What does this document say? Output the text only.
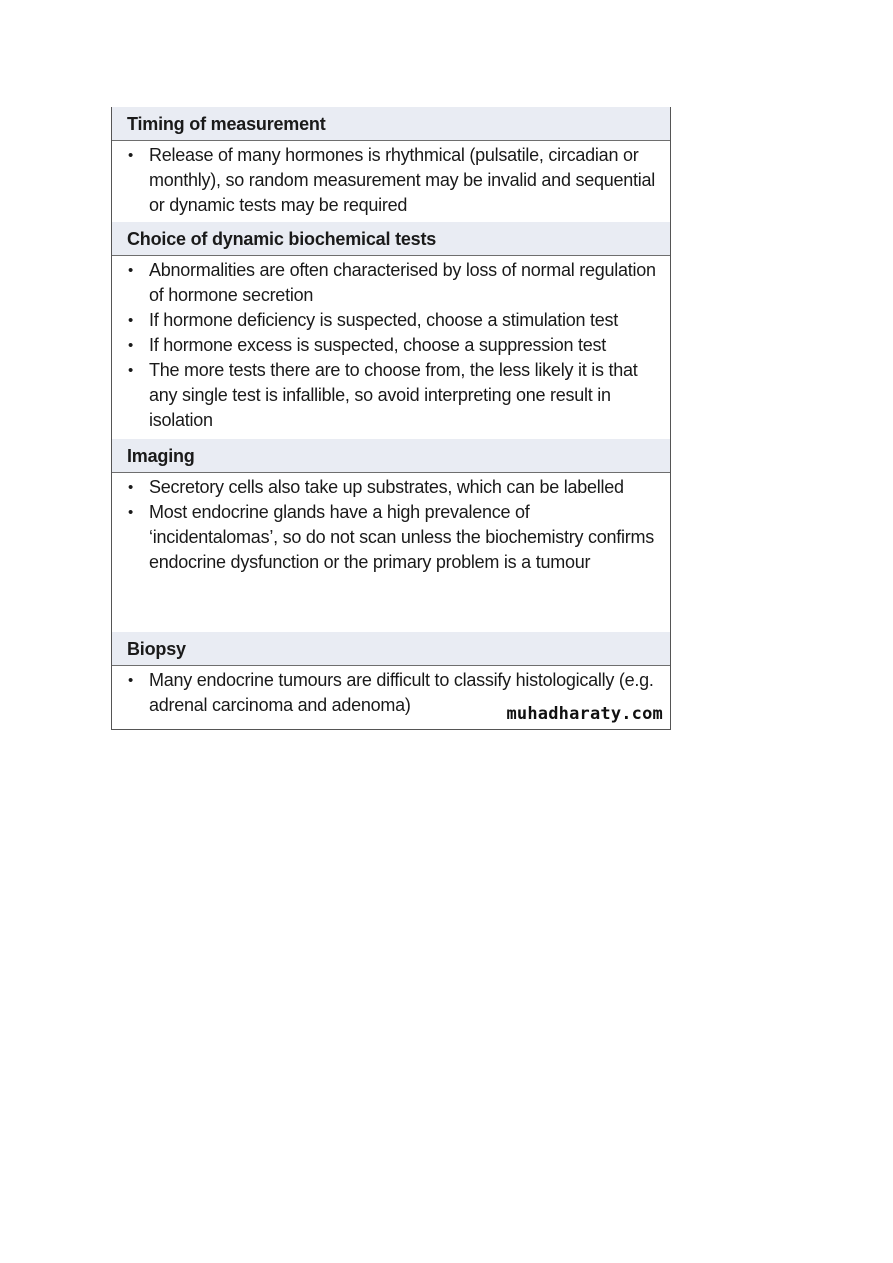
Timing of measurement
• Release of many hormones is rhythmical (pulsatile, circadian or monthly), so random measurement may be invalid and sequential or dynamic tests may be required
Choice of dynamic biochemical tests
• Abnormalities are often characterised by loss of normal regulation of hormone secretion
• If hormone deficiency is suspected, choose a stimulation test
• If hormone excess is suspected, choose a suppression test
• The more tests there are to choose from, the less likely it is that any single test is infallible, so avoid interpreting one result in isolation
Imaging
• Secretory cells also take up substrates, which can be labelled
• Most endocrine glands have a high prevalence of ‘incidentalomas’, so do not scan unless the biochemistry confirms endocrine dysfunction or the primary problem is a tumour
Biopsy
• Many endocrine tumours are difficult to classify histologically (e.g. adrenal carcinoma and adenoma)	muhadharaty.com
